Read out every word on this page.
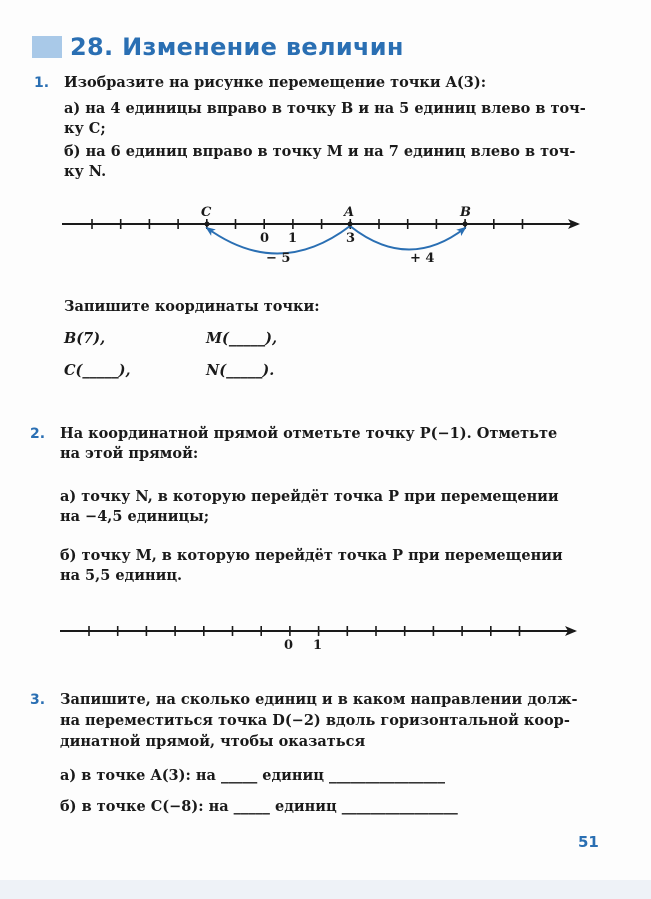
28. Изменение величин
1. Изобразите на рисунке перемещение точки A(3):
а) на 4 единицы вправо в точку B и на 5 единиц влево в точ-
ку C;
б) на 6 единиц вправо в точку M и на 7 единиц влево в точ-
ку N.
C	A	B
0 1	3
− 5	+ 4
Запишите координаты точки:
B(7),	M(_____),
C(_____),	N(_____).
2. На координатной прямой отметьте точку P(−1). Отметьте
на этой прямой:
а) точку N, в которую перейдёт точка P при перемещении
на −4,5 единицы;
б) точку M, в которую перейдёт точка P при перемещении
на 5,5 единиц.
0 1
3. Запишите, на сколько единиц и в каком направлении долж-
на переместиться точка D(−2) вдоль горизонтальной коор-
динатной прямой, чтобы оказаться
а) в точке A(3): на _____ единиц ________________
б) в точке C(−8): на _____ единиц ________________
51
